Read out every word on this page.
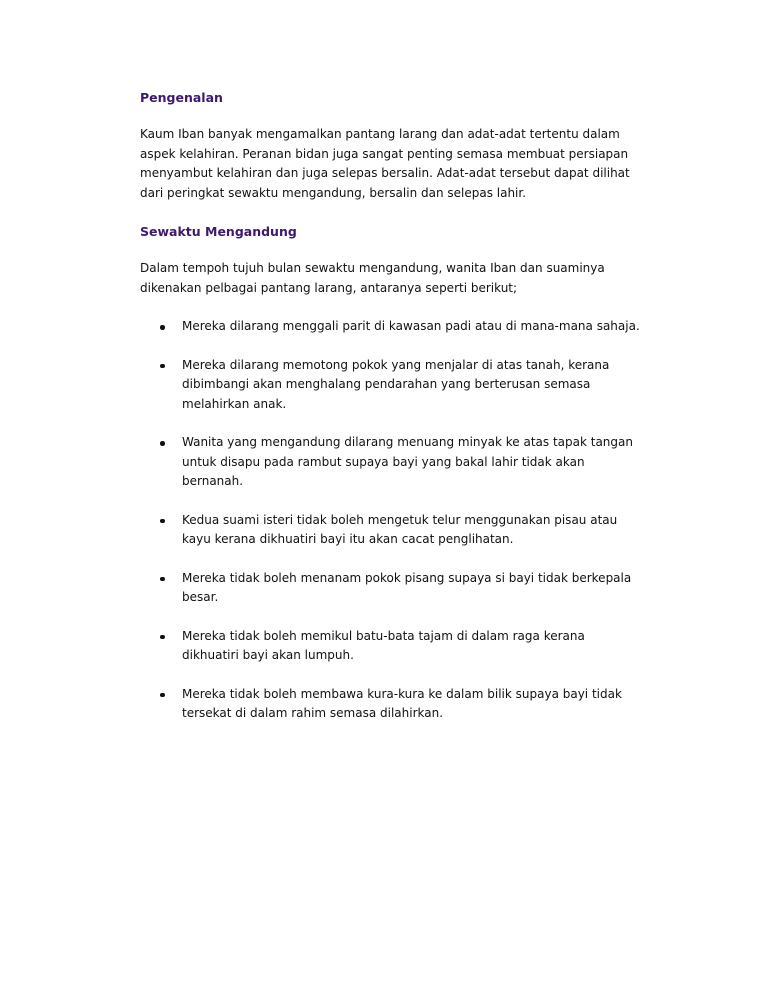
Pengenalan

Kaum Iban banyak mengamalkan pantang larang dan adat-adat tertentu dalam
aspek kelahiran. Peranan bidan juga sangat penting semasa membuat persiapan
menyambut kelahiran dan juga selepas bersalin. Adat-adat tersebut dapat dilihat
dari peringkat sewaktu mengandung, bersalin dan selepas lahir.

Sewaktu Mengandung

Dalam tempoh tujuh bulan sewaktu mengandung, wanita Iban dan suaminya
dikenakan pelbagai pantang larang, antaranya seperti berikut;

Mereka dilarang menggali parit di kawasan padi atau di mana-mana sahaja.
Mereka dilarang memotong pokok yang menjalar di atas tanah, kerana
dibimbangi akan menghalang pendarahan yang berterusan semasa
melahirkan anak.
Wanita yang mengandung dilarang menuang minyak ke atas tapak tangan
untuk disapu pada rambut supaya bayi yang bakal lahir tidak akan
bernanah.
Kedua suami isteri tidak boleh mengetuk telur menggunakan pisau atau
kayu kerana dikhuatiri bayi itu akan cacat penglihatan.
Mereka tidak boleh menanam pokok pisang supaya si bayi tidak berkepala
besar.
Mereka tidak boleh memikul batu-bata tajam di dalam raga kerana
dikhuatiri bayi akan lumpuh.
Mereka tidak boleh membawa kura-kura ke dalam bilik supaya bayi tidak
tersekat di dalam rahim semasa dilahirkan.
